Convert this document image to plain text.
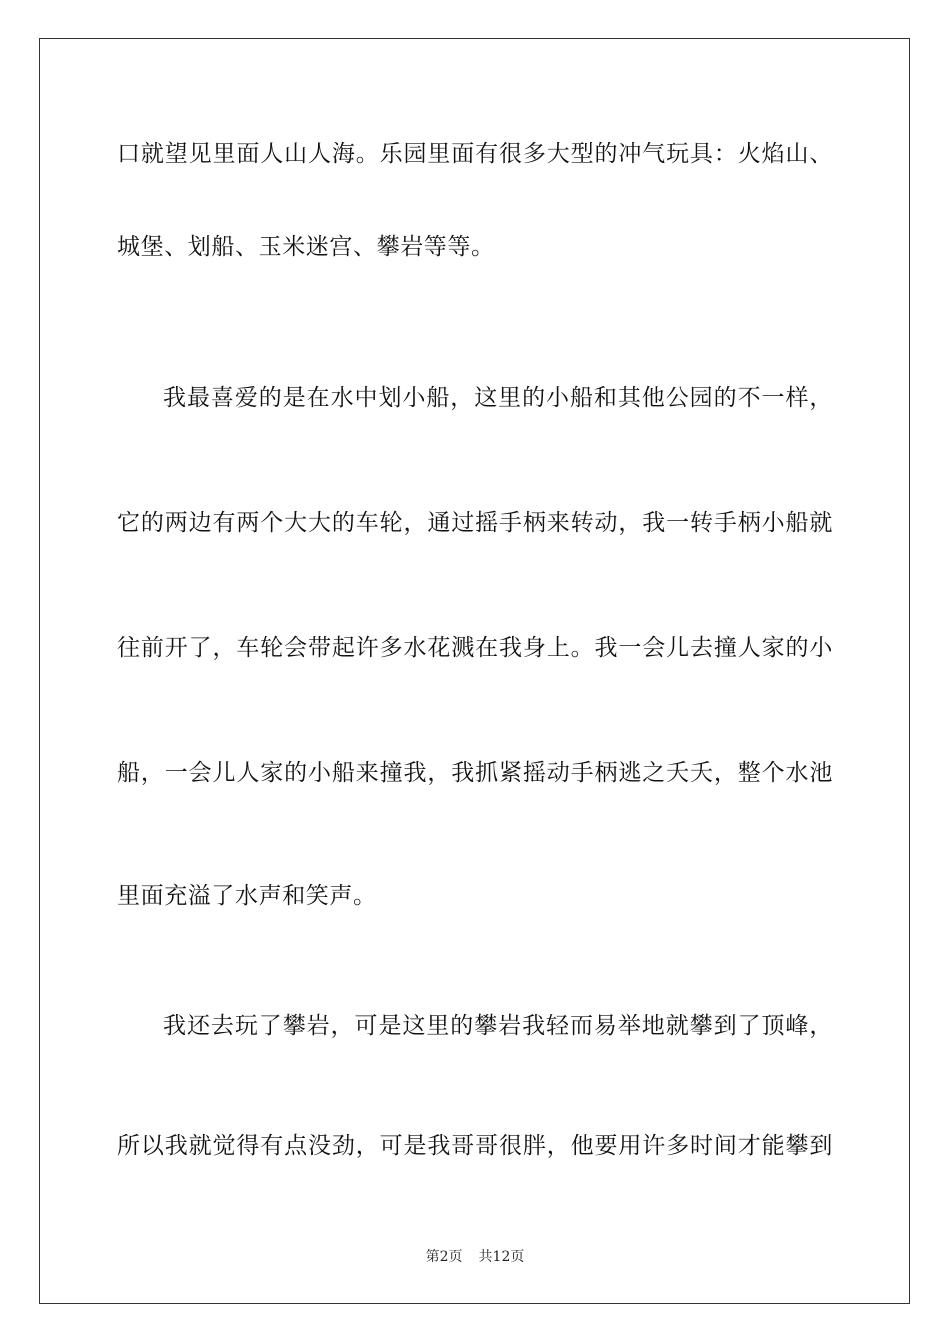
口就望见里面人山人海。乐园里面有很多大型的冲气玩具：火焰山、
城堡、划船、玉米迷宫、攀岩等等。
我最喜爱的是在水中划小船，这里的小船和其他公园的不一样，
它的两边有两个大大的车轮，通过摇手柄来转动，我一转手柄小船就
往前开了，车轮会带起许多水花溅在我身上。我一会儿去撞人家的小
船，一会儿人家的小船来撞我，我抓紧摇动手柄逃之夭夭，整个水池
里面充溢了水声和笑声。
我还去玩了攀岩，可是这里的攀岩我轻而易举地就攀到了顶峰，
所以我就觉得有点没劲，可是我哥哥很胖，他要用许多时间才能攀到
第2页 共12页
